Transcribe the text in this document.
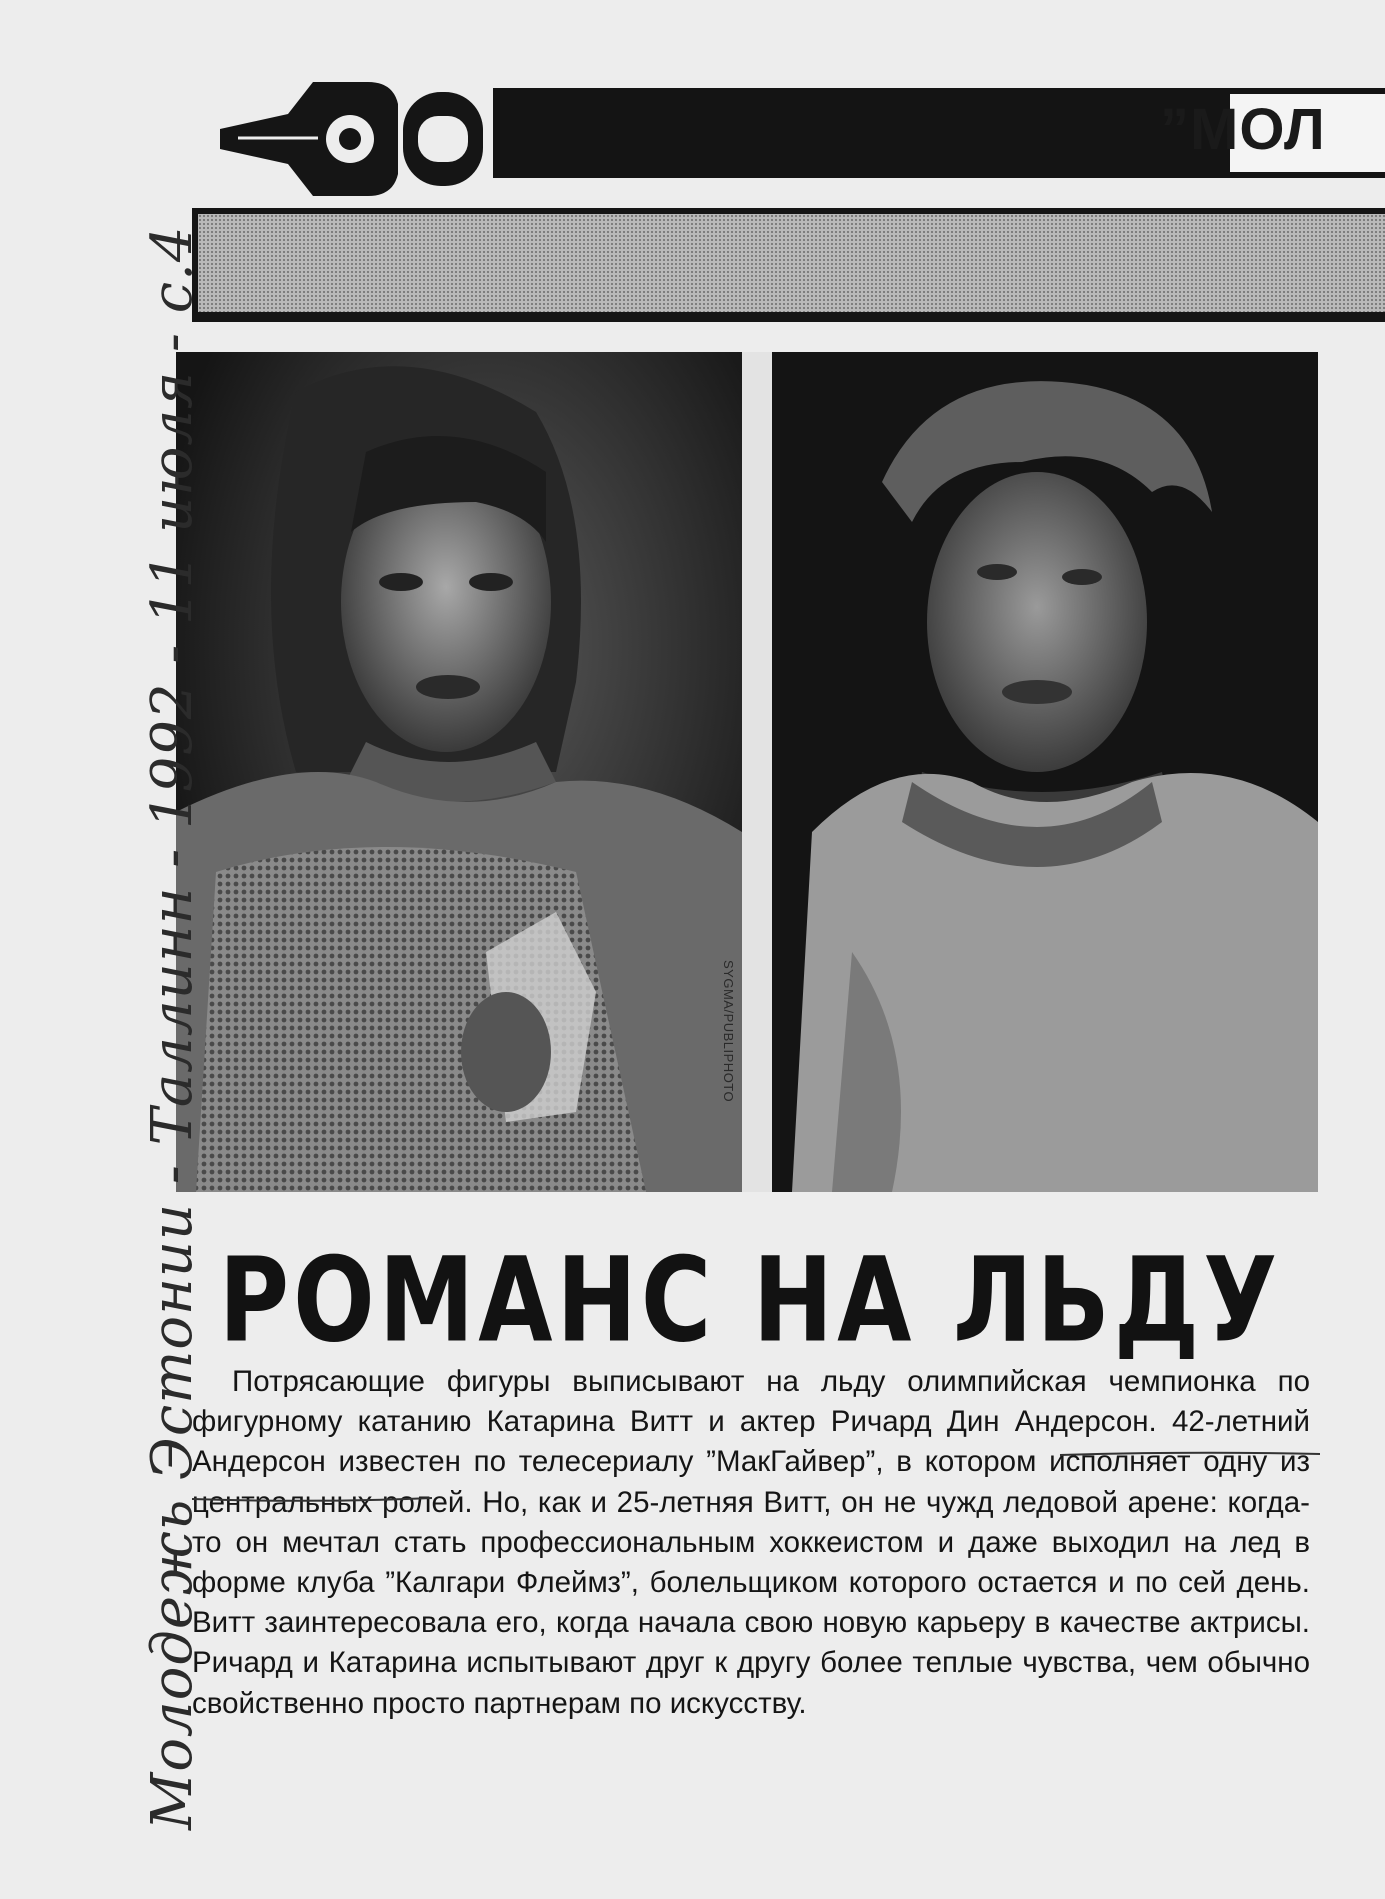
”МОЛ
SYGMA/PUBLIPHOTO
РОМАНС НА ЛЬДУ

Потрясающие фигуры выписывают на льду олимпийская чемпионка по фигурному катанию Катарина Витт и актер Ричард Дин Андерсон. 42-летний Андерсон известен по телесериалу ”МакГайвер”, в котором исполняет одну из центральных ролей. Но, как и 25-летняя Витт, он не чужд ледовой арене: когда-то он мечтал стать профессиональным хоккеистом и даже выходил на лед в форме клуба ”Калгари Флеймз”, болельщиком которого остается и по сей день. Витт заинтересовала его, когда начала свою новую карьеру в качестве актрисы. Ричард и Катарина испытывают друг к другу более теплые чувства, чем обычно свойственно просто партнерам по искусству.

Молодежь Эстонии - Таллинн - 1992 - 11 июля - с.4
